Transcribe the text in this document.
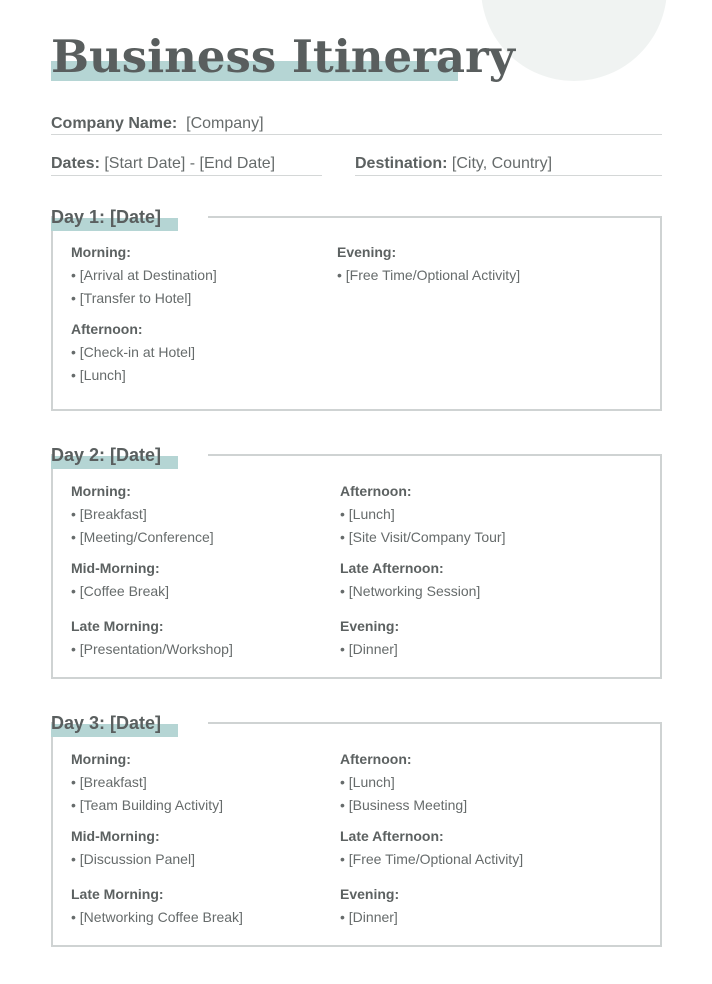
Business Itinerary
Company Name: [Company]
Dates: [Start Date] - [End Date]	Destination: [City, Country]
Day 1: [Date]
Morning:
• [Arrival at Destination]
• [Transfer to Hotel]
Afternoon:
• [Check-in at Hotel]
• [Lunch]
Evening:
• [Free Time/Optional Activity]
Day 2: [Date]
Morning:
• [Breakfast]
• [Meeting/Conference]
Mid-Morning:
• [Coffee Break]
Late Morning:
• [Presentation/Workshop]
Afternoon:
• [Lunch]
• [Site Visit/Company Tour]
Late Afternoon:
• [Networking Session]
Evening:
• [Dinner]
Day 3: [Date]
Morning:
• [Breakfast]
• [Team Building Activity]
Mid-Morning:
• [Discussion Panel]
Late Morning:
• [Networking Coffee Break]
Afternoon:
• [Lunch]
• [Business Meeting]
Late Afternoon:
• [Free Time/Optional Activity]
Evening:
• [Dinner]
